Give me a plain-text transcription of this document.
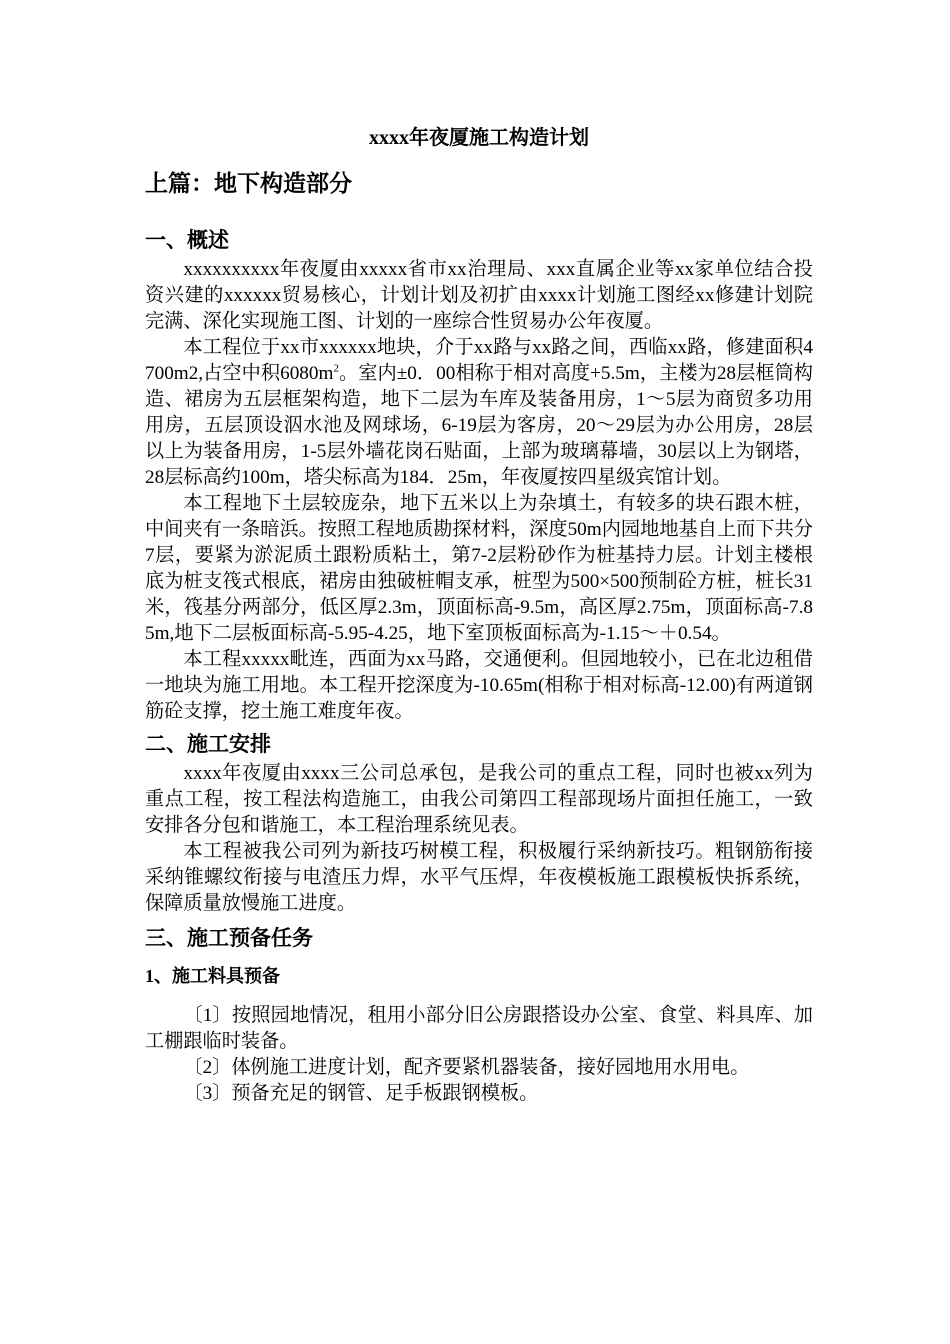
xxxx年夜厦施工构造计划
上篇：地下构造部分
一、概述

xxxxxxxxxx年夜厦由xxxxx省市xx治理局、xxx直属企业等xx家单位结合投资兴建的xxxxxx贸易核心，计划计划及初扩由xxxx计划施工图经xx修建计划院完满、深化实现施工图、计划的一座综合性贸易办公年夜厦。

本工程位于xx市xxxxxx地块，介于xx路与xx路之间，西临xx路，修建面积4700m2,占空中积$6080m^2$。室内±0．00相称于相对高度+5.5m，主楼为28层框筒构造、裙房为五层框架构造，地下二层为车库及装备用房，1～5层为商贸多功用用房，五层顶设泅水池及网球场，6-19层为客房，20～29层为办公用房，28层以上为装备用房，1-5层外墙花岗石贴面，上部为玻璃幕墙，30层以上为钢塔，28层标高约100m，塔尖标高为184．25m，年夜厦按四星级宾馆计划。

本工程地下土层较庞杂，地下五米以上为杂填土，有较多的块石跟木桩，中间夹有一条暗浜。按照工程地质勘探材料，深度50m内园地地基自上而下共分7层，要紧为淤泥质土跟粉质粘土，第7-2层粉砂作为桩基持力层。计划主楼根底为桩支筏式根底，裙房由独破桩帽支承，桩型为500×500预制砼方桩，桩长31米，筏基分两部分，低区厚2.3m，顶面标高-9.5m，高区厚2.75m，顶面标高-7.85m,地下二层板面标高-5.95-4.25，地下室顶板面标高为-1.15～＋0.54。

本工程xxxxx毗连，西面为xx马路，交通便利。但园地较小，已在北边租借一地块为施工用地。本工程开挖深度为-10.65m(相称于相对标高-12.00)有两道钢筋砼支撑，挖土施工难度年夜。

二、施工安排

xxxx年夜厦由xxxx三公司总承包，是我公司的重点工程，同时也被xx列为重点工程，按工程法构造施工，由我公司第四工程部现场片面担任施工，一致安排各分包和谐施工，本工程治理系统见表。

本工程被我公司列为新技巧树模工程，积极履行采纳新技巧。粗钢筋衔接采纳锥螺纹衔接与电渣压力焊，水平气压焊，年夜模板施工跟模板快拆系统，保障质量放慢施工进度。

三、施工预备任务
1、施工料具预备

〔1〕按照园地情况，租用小部分旧公房跟搭设办公室、食堂、料具库、加工棚跟临时装备。

〔2〕体例施工进度计划，配齐要紧机器装备，接好园地用水用电。

〔3〕预备充足的钢管、足手板跟钢模板。
